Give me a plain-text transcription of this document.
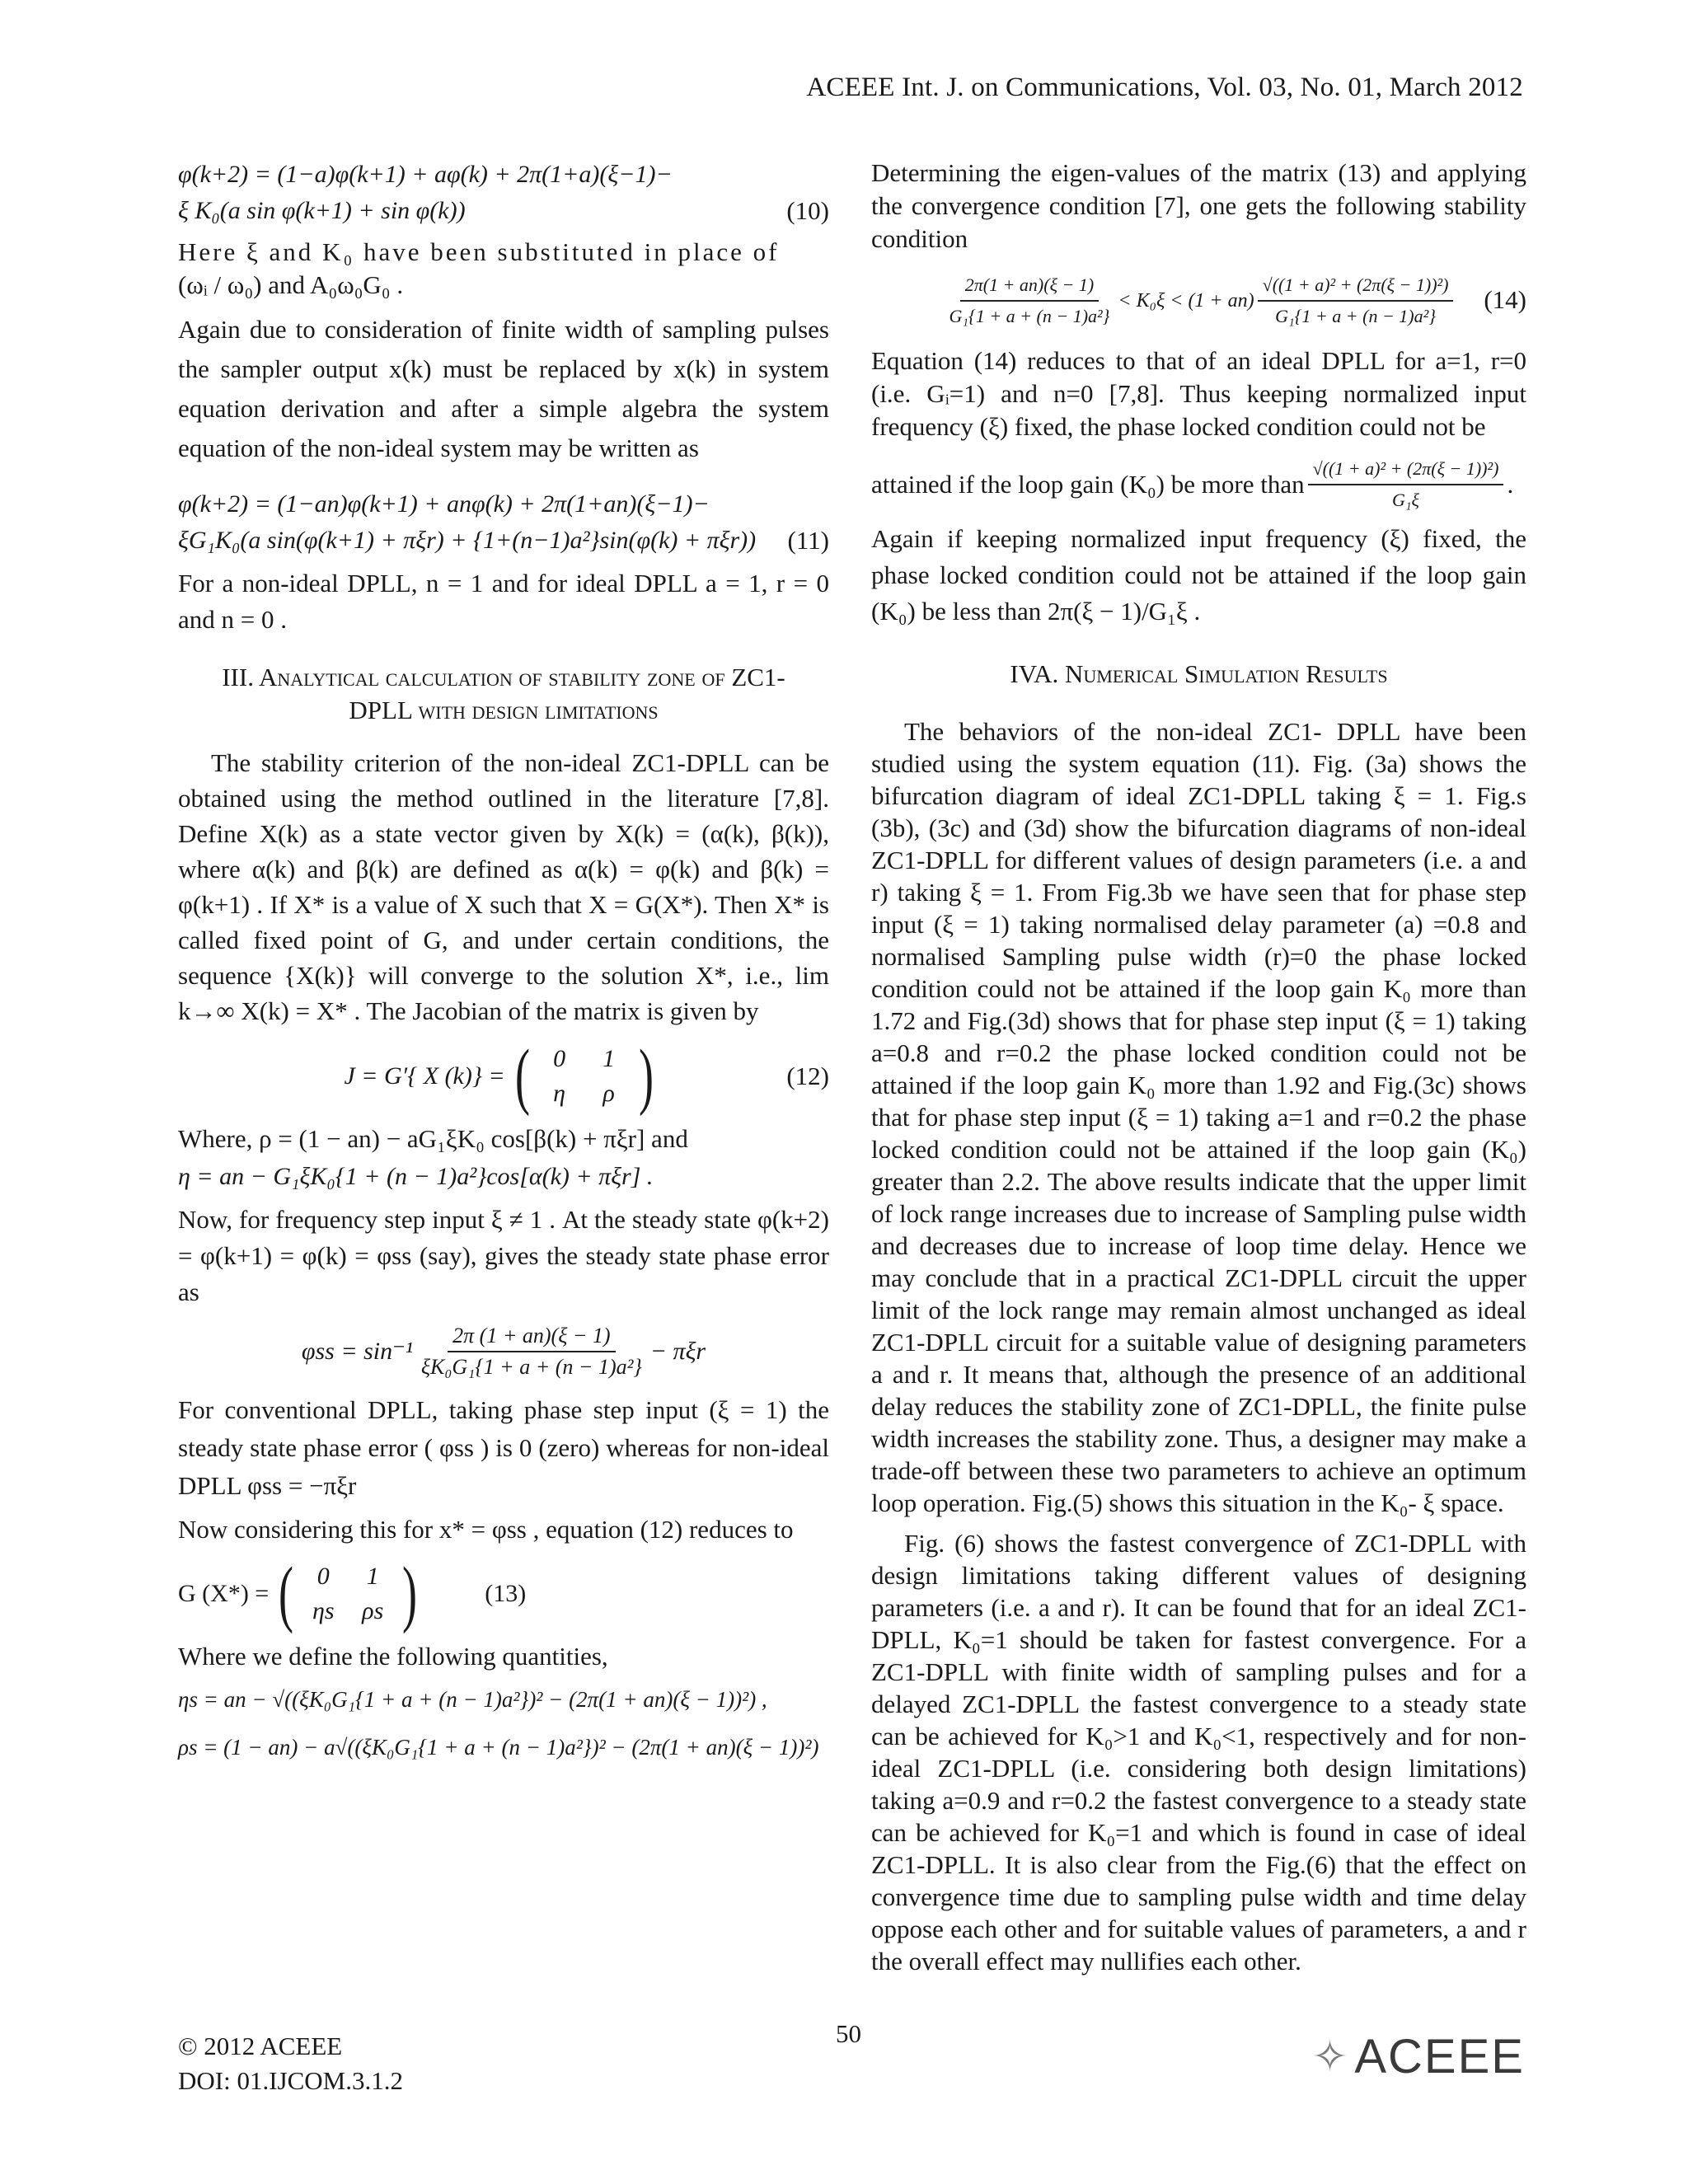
ACEEE Int. J. on Communications, Vol. 03, No. 01, March 2012
φ(k+2) = (1−a)φ(k+1) + aφ(k) + 2π(1+a)(ξ−1)−
ξ K₀(a sin φ(k+1) + sin φ(k))	(10)
Here ξ and K₀ have been substituted in place of
(ωᵢ / ω₀) and A₀ω₀G₀ .
Again due to consideration of finite width of sampling pulses the sampler output x(k) must be replaced by x(k) in system equation derivation and after a simple algebra the system equation of the non-ideal system may be written as
φ(k+2) = (1−an)φ(k+1) + anφ(k) + 2π(1+an)(ξ−1)−
ξG₁K₀(a sin(φ(k+1) + πξr) + {1+(n−1)a²}sin(φ(k) + πξr)) (11)
For a non-ideal DPLL, n = 1 and for ideal DPLL a = 1, r = 0 and n = 0 .
III. Analytical calculation of stability zone of ZC1-
DPLL with design limitations
The stability criterion of the non-ideal ZC1-DPLL can be obtained using the method outlined in the literature [7,8]. Define X(k) as a state vector given by X(k) = (α(k), β(k)), where α(k) and β(k) are defined as α(k) = φ(k) and β(k) = φ(k+1) . If X* is a value of X such that X = G(X*). Then X* is called fixed point of G, and under certain conditions, the sequence {X(k)} will converge to the solution X*, i.e., lim k→∞ X(k) = X* . The Jacobian of the matrix is given by
J = G′{ X (k)} = ( 0	1
η	ρ )	(12)
Where, ρ = (1 − an) − aG₁ξK₀ cos[β(k) + πξr] and
η = an − G₁ξK₀{1 + (n − 1)a²}cos[α(k) + πξr] .
Now, for frequency step input ξ ≠ 1 . At the steady state φ(k+2) = φ(k+1) = φ(k) = φss (say), gives the steady state phase error as
$\varphi ss = \sin^{-1} \frac{2\pi (1 + an)(\xi - 1)}{\text{ξK₀G₁\{1 + a + (n − 1)a²\}}} - \pi\xi r$
For conventional DPLL, taking phase step input (ξ = 1) the steady state phase error ( φss ) is 0 (zero) whereas for non-ideal DPLL φss = −πξr
Now considering this for x* = φss , equation (12) reduces to
G (X*) = ( 0	1
ηs	ρs )	(13)
Where we define the following quantities,
ηs = an − √((ξK₀G₁{1 + a + (n − 1)a²})² − (2π(1 + an)(ξ − 1))²) ,
ρs = (1 − an) − a√((ξK₀G₁{1 + a + (n − 1)a²})² − (2π(1 + an)(ξ − 1))²)
Determining the eigen-values of the matrix (13) and applying the convergence condition [7], one gets the following stability condition
$\frac{2\pi(1 + an)(\xi - 1)}{\text{G₁\{1 + a + (n − 1)a²\}}} < K_0\xi < (1 + an) \frac{\text{√((1 + a)² + (2π(ξ − 1))²)}}{\text{G₁\{1 + a + (n − 1)a²\}}} (14)$
Equation (14) reduces to that of an ideal DPLL for a=1, r=0 (i.e. Gᵢ=1) and n=0 [7,8]. Thus keeping normalized input frequency (ξ) fixed, the phase locked condition could not be
attained if the loop gain (K₀) be more than $\frac{\text{√((1 + a)² + (2π(ξ − 1))²)}}{\text{G₁ξ}}$ .
Again if keeping normalized input frequency (ξ) fixed, the phase locked condition could not be attained if the loop gain (K₀) be less than 2π(ξ − 1)/G₁ξ .
IVA. Numerical Simulation Results
The behaviors of the non-ideal ZC1- DPLL have been studied using the system equation (11). Fig. (3a) shows the bifurcation diagram of ideal ZC1-DPLL taking ξ = 1. Fig.s (3b), (3c) and (3d) show the bifurcation diagrams of non-ideal ZC1-DPLL for different values of design parameters (i.e. a and r) taking ξ = 1. From Fig.3b we have seen that for phase step input (ξ = 1) taking normalised delay parameter (a) =0.8 and normalised Sampling pulse width (r)=0 the phase locked condition could not be attained if the loop gain K₀ more than 1.72 and Fig.(3d) shows that for phase step input (ξ = 1) taking a=0.8 and r=0.2 the phase locked condition could not be attained if the loop gain K₀ more than 1.92 and Fig.(3c) shows that for phase step input (ξ = 1) taking a=1 and r=0.2 the phase locked condition could not be attained if the loop gain (K₀) greater than 2.2. The above results indicate that the upper limit of lock range increases due to increase of Sampling pulse width and decreases due to increase of loop time delay. Hence we may conclude that in a practical ZC1-DPLL circuit the upper limit of the lock range may remain almost unchanged as ideal ZC1-DPLL circuit for a suitable value of designing parameters a and r. It means that, although the presence of an additional delay reduces the stability zone of ZC1-DPLL, the finite pulse width increases the stability zone. Thus, a designer may make a trade-off between these two parameters to achieve an optimum loop operation. Fig.(5) shows this situation in the K₀- ξ space.
Fig. (6) shows the fastest convergence of ZC1-DPLL with design limitations taking different values of designing parameters (i.e. a and r). It can be found that for an ideal ZC1-DPLL, K₀=1 should be taken for fastest convergence. For a ZC1-DPLL with finite width of sampling pulses and for a delayed ZC1-DPLL the fastest convergence to a steady state can be achieved for K₀>1 and K₀<1, respectively and for non-ideal ZC1-DPLL (i.e. considering both design limitations) taking a=0.9 and r=0.2 the fastest convergence to a steady state can be achieved for K₀=1 and which is found in case of ideal ZC1-DPLL. It is also clear from the Fig.(6) that the effect on convergence time due to sampling pulse width and time delay oppose each other and for suitable values of parameters, a and r the overall effect may nullifies each other.
© 2012 ACEEE
DOI: 01.IJCOM.3.1.2
50	✧ ACEEE
